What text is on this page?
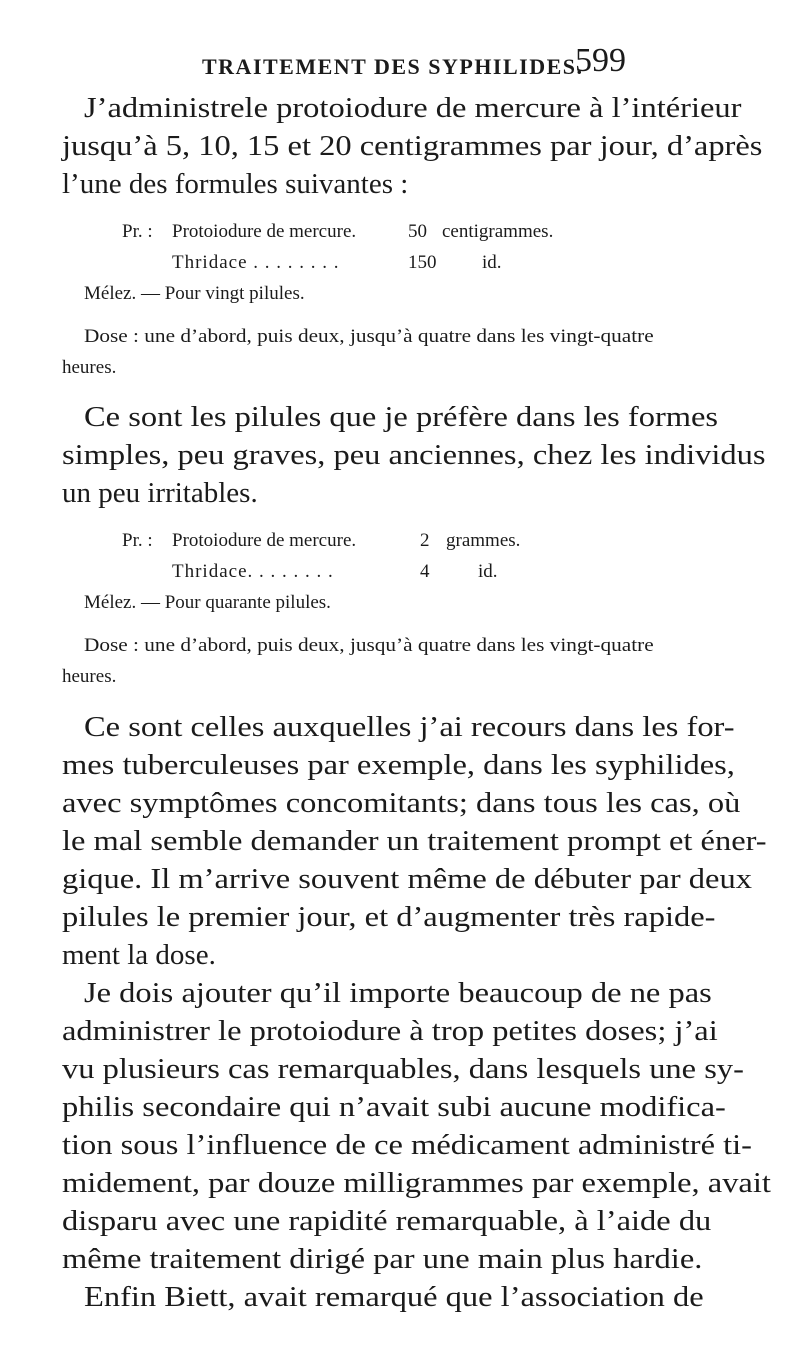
TRAITEMENT DES SYPHILIDES.
599
J’administrele protoiodure de mercure à l’intérieur
jusqu’à 5, 10, 15 et 20 centigrammes par jour, d’après
l’une des formules suivantes :
Pr. : Protoiodure de mercure.	50 centigrammes.
Thridace . . . . . . . .	150 id.
Mélez. — Pour vingt pilules.
Dose : une d’abord, puis deux, jusqu’à quatre dans les vingt-quatre
heures.
Ce sont les pilules que je préfère dans les formes
simples, peu graves, peu anciennes, chez les individus
un peu irritables.
Pr. : Protoiodure de mercure.	2 grammes.
Thridace. . . . . . . .	4	id.
Mélez. — Pour quarante pilules.
Dose : une d’abord, puis deux, jusqu’à quatre dans les vingt-quatre
heures.
Ce sont celles auxquelles j’ai recours dans les for-
mes tuberculeuses par exemple, dans les syphilides,
avec symptômes concomitants; dans tous les cas, où
le mal semble demander un traitement prompt et éner-
gique. Il m’arrive souvent même de débuter par deux
pilules le premier jour, et d’augmenter très rapide-
ment la dose.
Je dois ajouter qu’il importe beaucoup de ne pas
administrer le protoiodure à trop petites doses; j’ai
vu plusieurs cas remarquables, dans lesquels une sy-
philis secondaire qui n’avait subi aucune modifica-
tion sous l’influence de ce médicament administré ti-
midement, par douze milligrammes par exemple, avait
disparu avec une rapidité remarquable, à l’aide du
même traitement dirigé par une main plus hardie.
Enfin Biett, avait remarqué que l’association de
